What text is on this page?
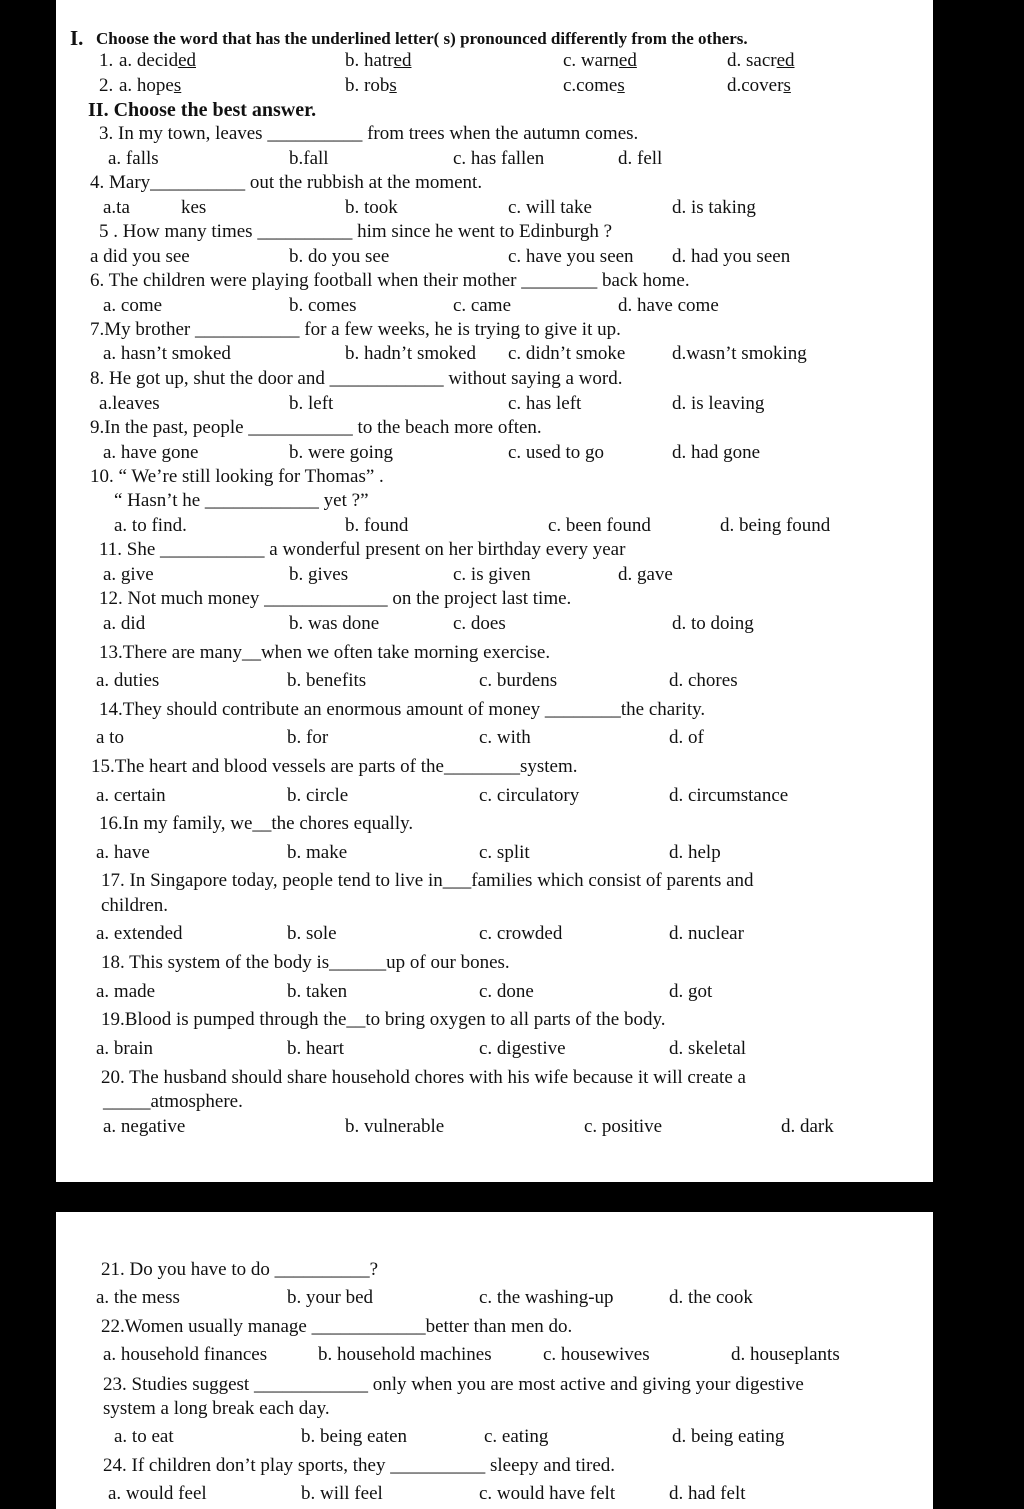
I. Choose the word that has the underlined letter( s) pronounced differently from the others.
1. a. decided	b. hatred	c. warned	d. sacred
2. a. hopes	b. robs	c.comes	d.covers
II. Choose the best answer.
3. In my town, leaves __________ from trees when the autumn comes.
a. falls	b.fall	c. has fallen	d. fell
4. Mary__________ out the rubbish at the moment.
a.ta	kes	b. took	c. will take	d. is taking
5 . How many times __________ him since he went to Edinburgh ?
a did you see	b. do you see	c. have you seen d. had you seen
6. The children were playing football when their mother ________ back home.
a. come	b. comes	c. came	d. have come
7.My brother ___________ for a few weeks, he is trying to give it up.
a. hasn’t smoked	b. hadn’t smoked c. didn’t smoke d.wasn’t smoking
8. He got up, shut the door and ____________ without saying a word.
a.leaves	b. left	c. has left	d. is leaving
9.In the past, people ___________ to the beach more often.
a. have gone	b. were going	c. used to go	d. had gone
10. “ We’re still looking for Thomas” .
“ Hasn’t he ____________ yet ?”
a. to find.	b. found	c. been found	d. being found
11. She ___________ a wonderful present on her birthday every year
a. give	b. gives	c. is given	d. gave
12. Not much money _____________ on the project last time.
a. did	b. was done	c. does	d. to doing
13.There are many__when we often take morning exercise.
a. duties	b. benefits	c. burdens	d. chores
14.They should contribute an enormous amount of money ________the charity.
a to	b. for	c. with	d. of
15.The heart and blood vessels are parts of the________system.
a. certain	b. circle	c. circulatory	d. circumstance
16.In my family, we__the chores equally.
a. have	b. make	c. split	d. help
17. In Singapore today, people tend to live in___families which consist of parents and
children.
a. extended	b. sole	c. crowded	d. nuclear
18. This system of the body is______up of our bones.
a. made	b. taken	c. done	d. got
19.Blood is pumped through the__to bring oxygen to all parts of the body.
a. brain	b. heart	c. digestive	d. skeletal
20. The husband should share household chores with his wife because it will create a
_____atmosphere.
a. negative	b. vulnerable	c. positive	d. dark
21. Do you have to do __________?
a. the mess	b. your bed	c. the washing-up	d. the cook
22.Women usually manage ____________better than men do.
a. household finances	b. household machines	c. housewives	d. houseplants
23. Studies suggest ____________ only when you are most active and giving your digestive
system a long break each day.
a. to eat	b. being eaten	c. eating	d. being eating
24. If children don’t play sports, they __________ sleepy and tired.
a. would feel	b. will feel	c. would have felt	d. had felt
